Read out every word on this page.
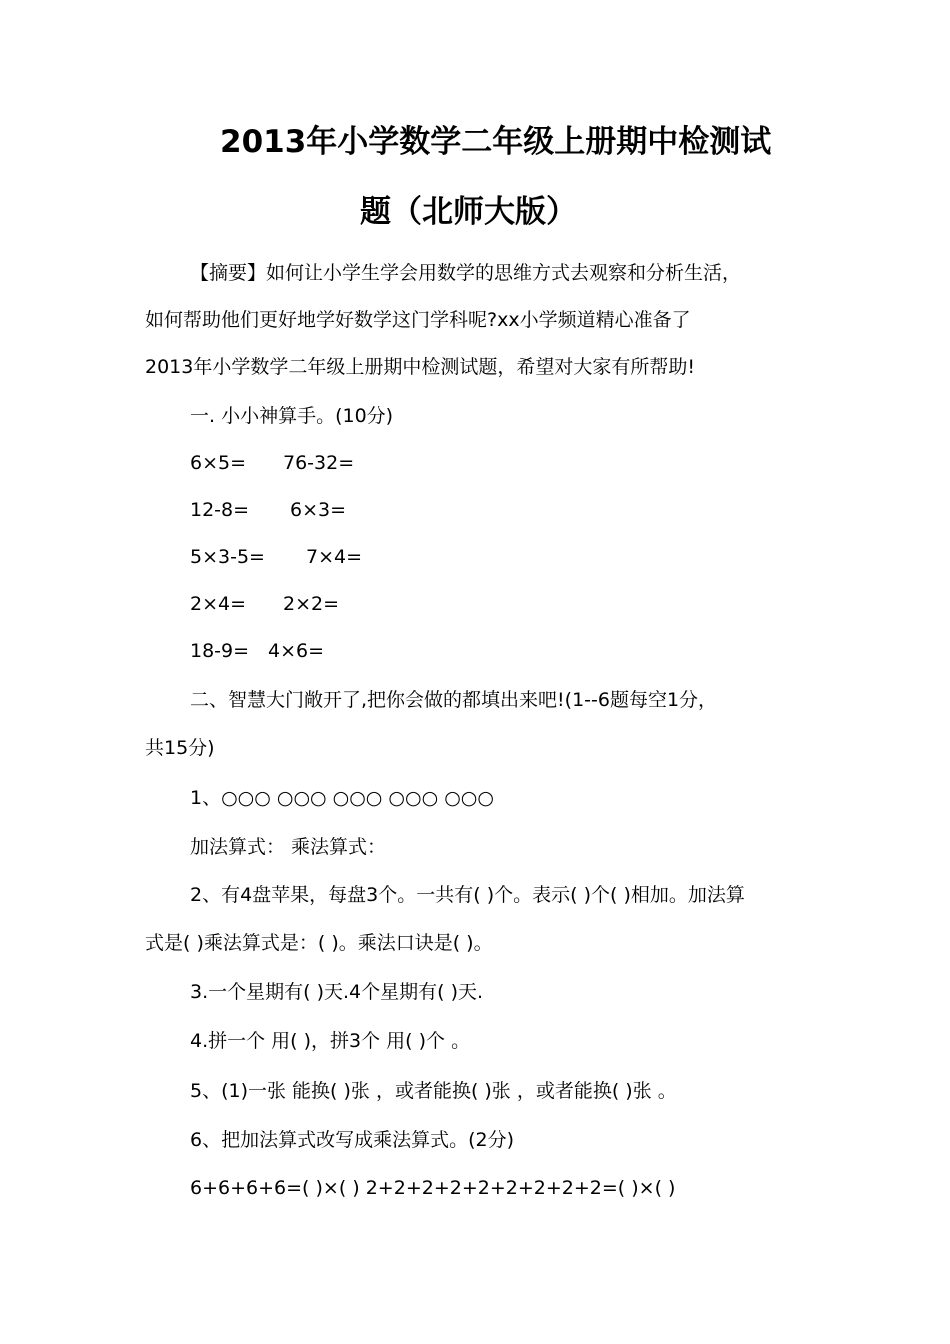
2013年小学数学二年级上册期中检测试
题（北师大版）
【摘要】如何让小学生学会用数学的思维方式去观察和分析生活，
如何帮助他们更好地学好数学这门学科呢?xx小学频道精心准备了
2013年小学数学二年级上册期中检测试题，希望对大家有所帮助!
一. 小小神算手。(10分)
6×5= 76-32=
12-8= 6×3=
5×3-5= 7×4=
2×4= 2×2=
18-9= 4×6=
二、智慧大门敞开了,把你会做的都填出来吧!(1--6题每空1分，
共15分)
1、○○○ ○○○ ○○○ ○○○ ○○○
加法算式： 乘法算式：
2、有4盘苹果，每盘3个。一共有( )个。表示( )个( )相加。加法算
式是( )乘法算式是：( )。乘法口诀是( )。
3.一个星期有( )天.4个星期有( )天.
4.拼一个 用( )，拼3个 用( )个 。
5、(1)一张 能换( )张 ，或者能换( )张 ，或者能换( )张 。
6、把加法算式改写成乘法算式。(2分)
6+6+6+6=( )×( ) 2+2+2+2+2+2+2+2+2=( )×( )
